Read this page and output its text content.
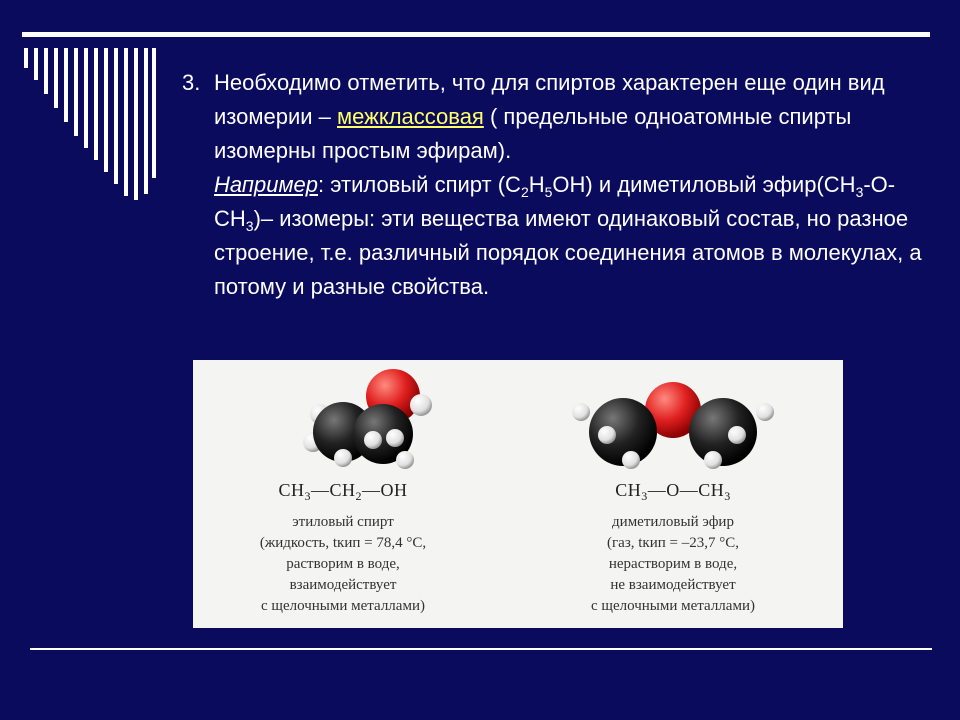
3. Необходимо отметить, что для спиртов характерен еще один вид изомерии – межклассовая ( предельные одноатомные спирты изомерны простым эфирам).

Например: этиловый спирт $(C_2H_5OH)$ и диметиловый $эфир(CH_3-O-CH_3)-$ изомеры: эти вещества имеют одинаковый состав, но разное строение, т.е. различный порядок соединения атомов в молекулах, а потому и разные свойства.

$CH_3—CH_2—OH$
этиловый спирт
(жидкость, tкип = 78,4 °С,
растворим в воде,
взаимодействует
с щелочными металлами)
$CH_3—O—CH_3$
диметиловый эфир
(газ, tкип = –23,7 °С,
нерастворим в воде,
не взаимодействует
с щелочными металлами)
